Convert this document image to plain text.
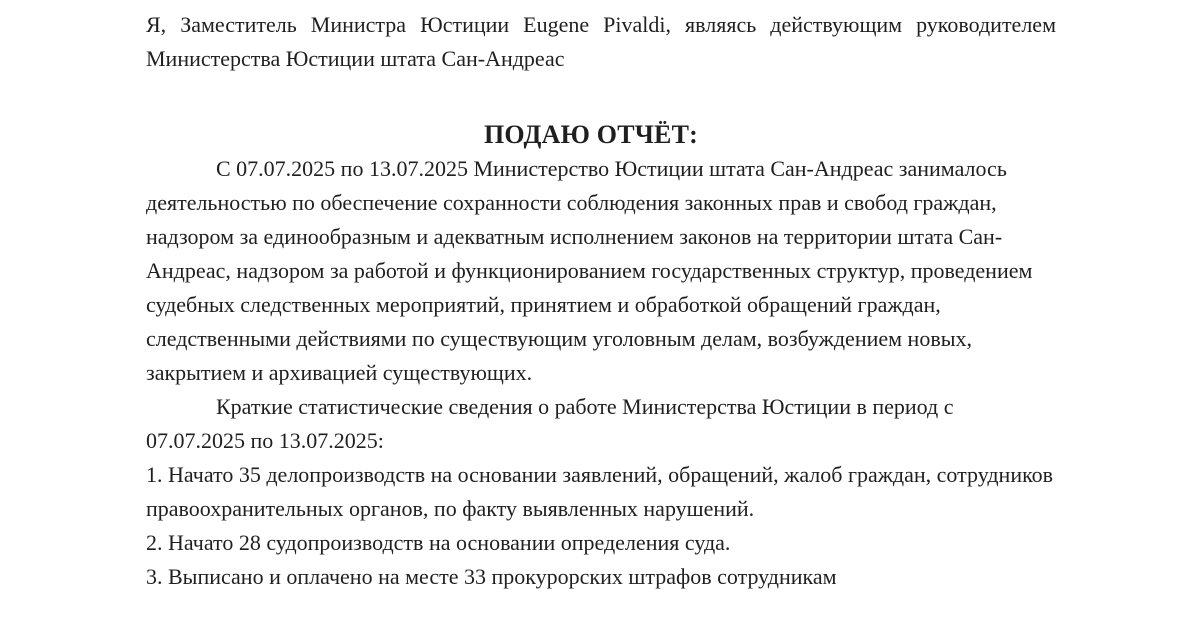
Я, Заместитель Министра Юстиции Eugene Pivaldi, являясь действующим руководителем Министерства Юстиции штата Сан-Андреас

ПОДАЮ ОТЧЁТ:

С 07.07.2025 по 13.07.2025 Министерство Юстиции штата Сан-Андреас занималось деятельностью по обеспечение сохранности соблюдения законных прав и свобод граждан, надзором за единообразным и адекватным исполнением законов на территории штата Сан-Андреас, надзором за работой и функционированием государственных структур, проведением судебных следственных мероприятий, принятием и обработкой обращений граждан, следственными действиями по существующим уголовным делам, возбуждением новых, закрытием и архивацией существующих.

Краткие статистические сведения о работе Министерства Юстиции в период с 07.07.2025 по 13.07.2025:

1. Начато 35 делопроизводств на основании заявлений, обращений, жалоб граждан, сотрудников правоохранительных органов, по факту выявленных нарушений.

2. Начато 28 судопроизводств на основании определения суда.

3. Выписано и оплачено на месте 33 прокурорских штрафов сотрудникам
